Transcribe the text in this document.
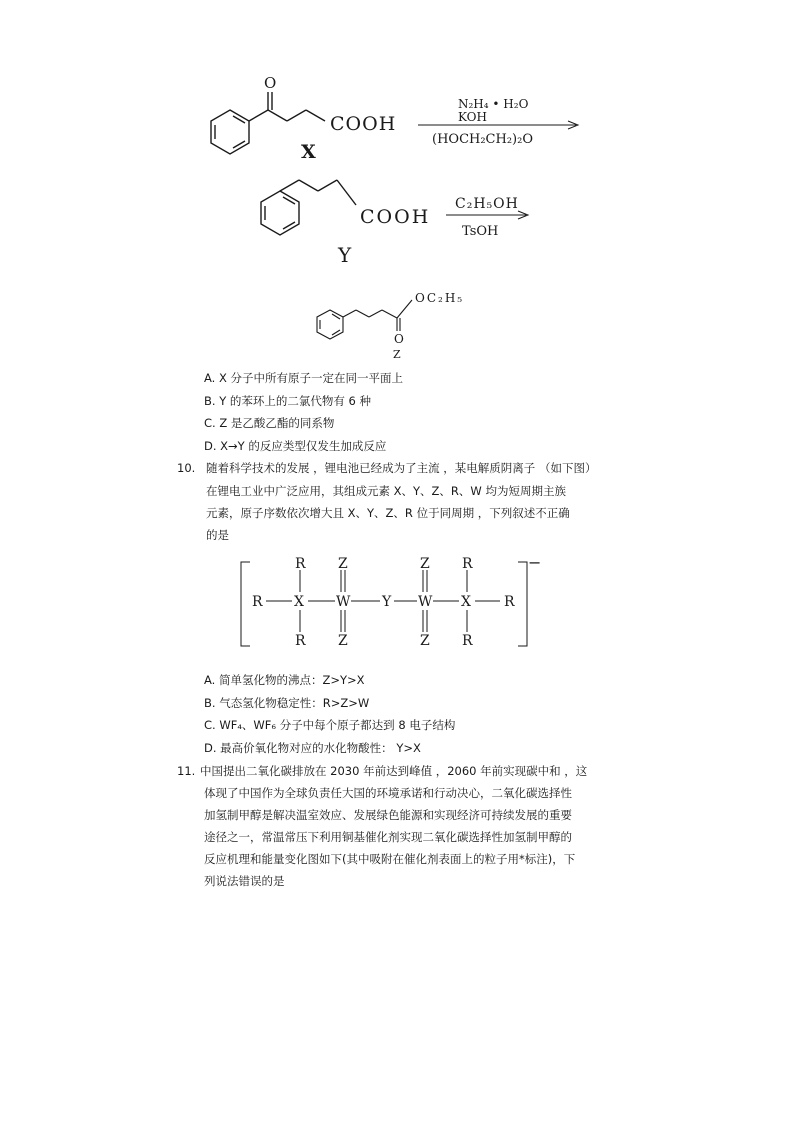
O
COOH
X
N₂H₄ • H₂O
KOH
(HOCH₂CH₂)₂O
COOH
Y
C₂H₅OH
TsOH
OC₂H₅
O
Z
A. X 分子中所有原子一定在同一平面上
B. Y 的苯环上的二氯代物有 6 种
C. Z 是乙酸乙酯的同系物
D. X→Y 的反应类型仅发生加成反应
10. 随着科学技术的发展 ，锂电池已经成为了主流 ，某电解质阴离子 （如下图）
在锂电工业中广泛应用，其组成元素 X、Y、Z、R、W 均为短周期主族
元素，原子序数依次增大且 X、Y、Z、R 位于同周期 ，下列叙述不正确
的是
R X
R
R
W
Z
Z
Y W
Z
Z
X
R
R
R
−
A. 简单氢化物的沸点：Z>Y>X
B. 气态氢化物稳定性：R>Z>W
C. WF₄、WF₆ 分子中每个原子都达到 8 电子结构
D. 最高价氧化物对应的水化物酸性： Y>X
11. 中国提出二氧化碳排放在 2030 年前达到峰值 ，2060 年前实现碳中和 ，这
体现了中国作为全球负责任大国的环境承诺和行动决心，二氧化碳选择性
加氢制甲醇是解决温室效应、发展绿色能源和实现经济可持续发展的重要
途径之一，常温常压下利用铜基催化剂实现二氧化碳选择性加氢制甲醇的
反应机理和能量变化图如下(其中吸附在催化剂表面上的粒子用*标注)，下
列说法错误的是
